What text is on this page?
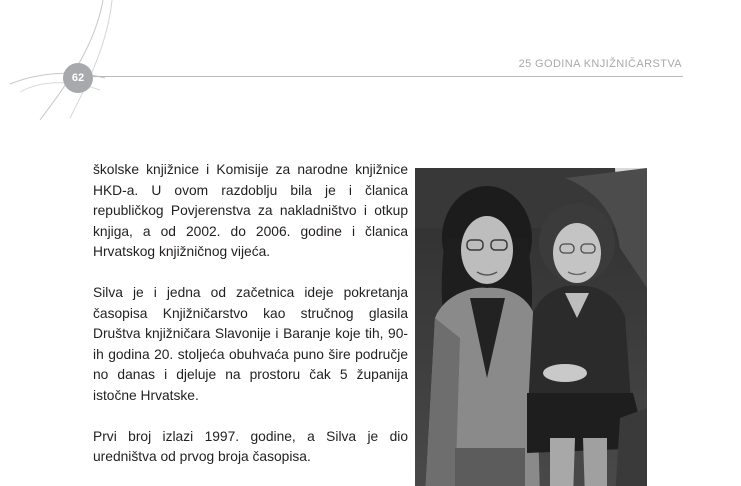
62
25 GODINA KNJIŽNIČARSTVA

školske knjižnice i Komisije za narodne knjižnice HKD-a. U ovom razdoblju bila je i članica republičkog Povjerenstva za nakladništvo i otkup knjiga, a od 2002. do 2006. godine i članica Hrvatskog knjižničnog vijeća.

Silva je i jedna od začetnica ideje pokretanja časopisa Knjižničarstvo kao stručnog glasila Društva knjižničara Slavonije i Baranje koje tih, 90-ih godina 20. stoljeća obuhvaća puno šire područje no danas i djeluje na prostoru čak 5 županija istočne Hrvatske.

Prvi broj izlazi 1997. godine, a Silva je dio uredništva od prvog broja časopisa.
